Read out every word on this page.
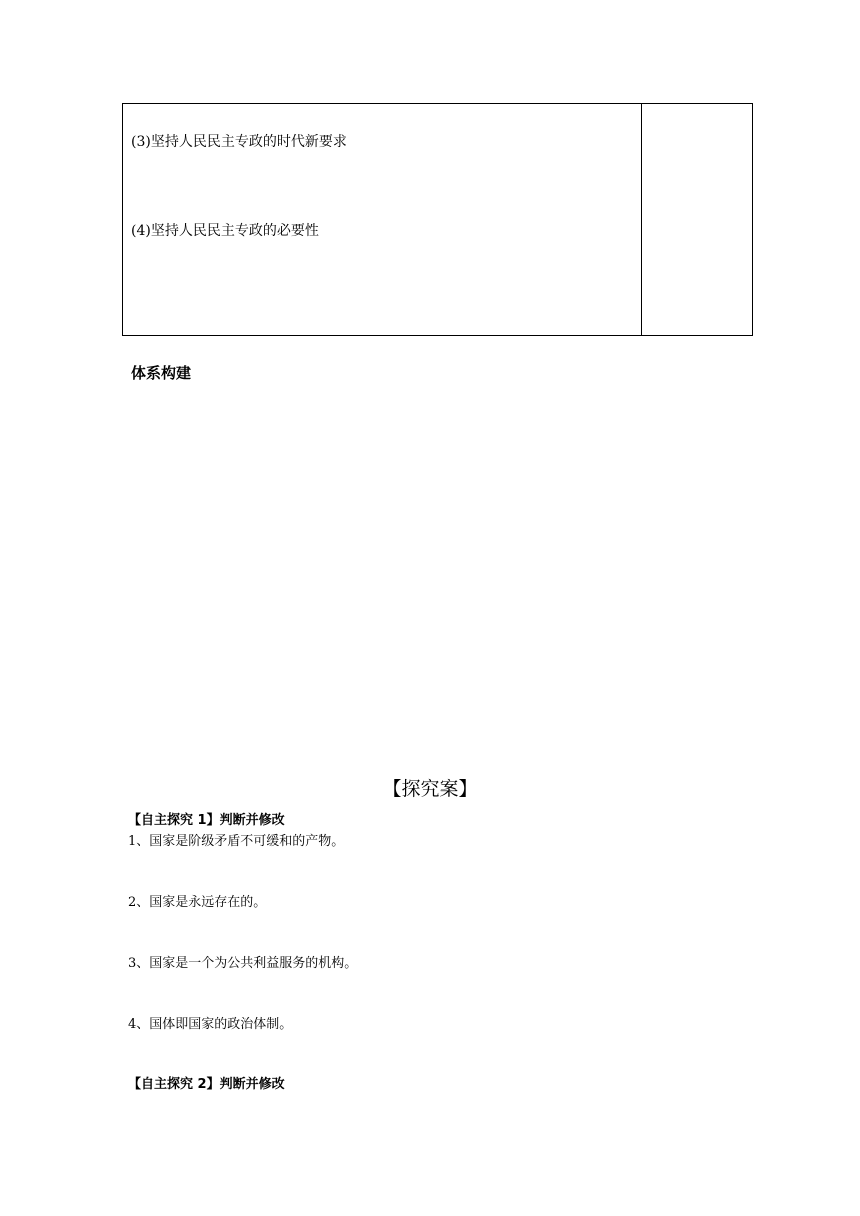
(3)坚持人民民主专政的时代新要求
(4)坚持人民民主专政的必要性
体系构建
【探究案】
【自主探究 1】判断并修改
1、国家是阶级矛盾不可缓和的产物。
2、国家是永远存在的。
3、国家是一个为公共利益服务的机构。
4、国体即国家的政治体制。
【自主探究 2】判断并修改
